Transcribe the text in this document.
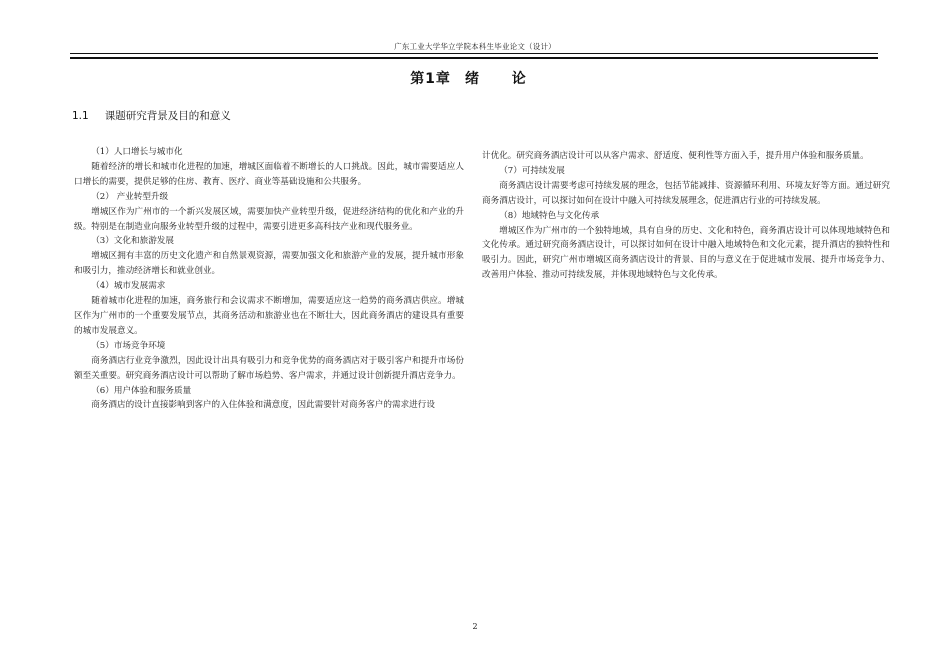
广东工业大学华立学院本科生毕业论文（设计）
第1章 绪 论
1.1 课题研究背景及目的和意义

（1）人口增长与城市化

随着经济的增长和城市化进程的加速，增城区面临着不断增长的人口挑战。因此，城市需要适应人口增长的需要，提供足够的住房、教育、医疗、商业等基础设施和公共服务。

（2） 产业转型升级

增城区作为广州市的一个新兴发展区域，需要加快产业转型升级，促进经济结构的优化和产业的升级。特别是在制造业向服务业转型升级的过程中，需要引进更多高科技产业和现代服务业。

（3）文化和旅游发展

增城区拥有丰富的历史文化遗产和自然景观资源，需要加强文化和旅游产业的发展，提升城市形象和吸引力，推动经济增长和就业创业。

（4）城市发展需求

随着城市化进程的加速，商务旅行和会议需求不断增加，需要适应这一趋势的商务酒店供应。增城区作为广州市的一个重要发展节点，其商务活动和旅游业也在不断壮大，因此商务酒店的建设具有重要的城市发展意义。

（5）市场竞争环境

商务酒店行业竞争激烈，因此设计出具有吸引力和竞争优势的商务酒店对于吸引客户和提升市场份额至关重要。研究商务酒店设计可以帮助了解市场趋势、客户需求，并通过设计创新提升酒店竞争力。

（6）用户体验和服务质量

商务酒店的设计直接影响到客户的入住体验和满意度，因此需要针对商务客户的需求进行设

计优化。研究商务酒店设计可以从客户需求、舒适度、便利性等方面入手，提升用户体验和服务质量。

（7）可持续发展

商务酒店设计需要考虑可持续发展的理念，包括节能减排、资源循环利用、环境友好等方面。通过研究商务酒店设计，可以探讨如何在设计中融入可持续发展理念，促进酒店行业的可持续发展。

（8）地域特色与文化传承

增城区作为广州市的一个独特地域，具有自身的历史、文化和特色，商务酒店设计可以体现地域特色和文化传承。通过研究商务酒店设计，可以探讨如何在设计中融入地域特色和文化元素，提升酒店的独特性和吸引力。因此，研究广州市增城区商务酒店设计的背景、目的与意义在于促进城市发展、提升市场竞争力、改善用户体验、推动可持续发展，并体现地域特色与文化传承。

2
